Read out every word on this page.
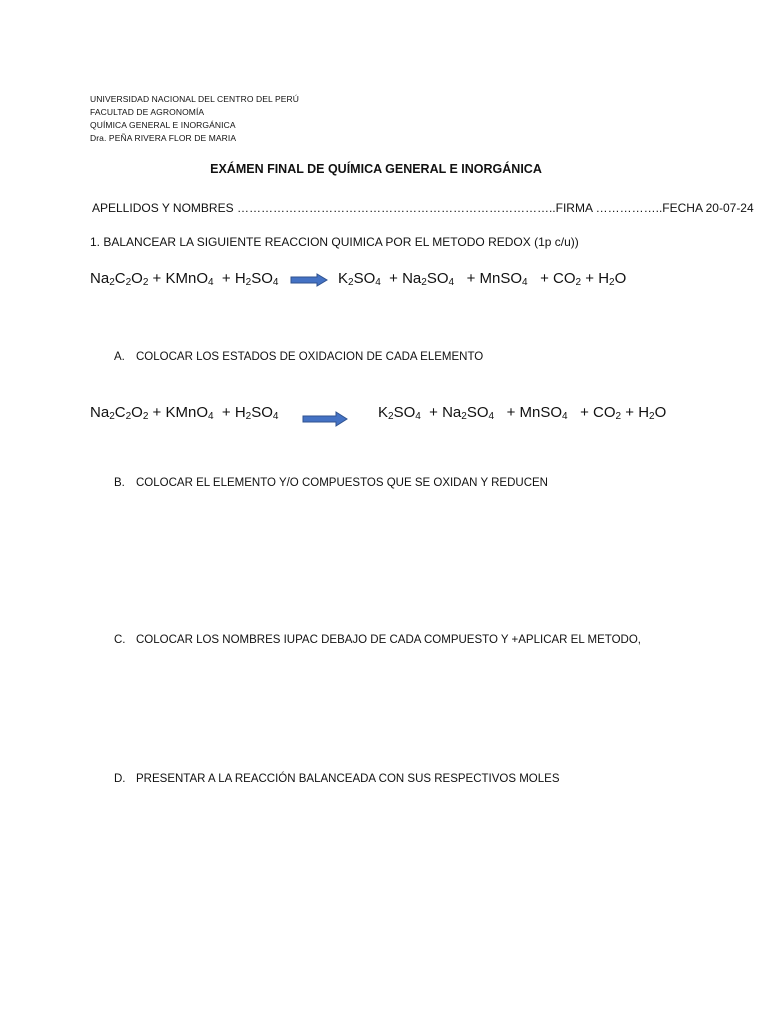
UNIVERSIDAD NACIONAL DEL CENTRO DEL PERÚ
FACULTAD DE AGRONOMÍA
QUÍMICA GENERAL E INORGÁNICA
Dra. PEÑA RIVERA FLOR DE MARIA
EXÁMEN FINAL DE QUÍMICA GENERAL E INORGÁNICA
APELLIDOS Y NOMBRES ……………………………………………………………………..FIRMA ……………..FECHA 20-07-24
1. BALANCEAR LA SIGUIENTE REACCION QUIMICA POR EL METODO REDOX (1p c/u))
$Na_2C_2O_2$ + KMnO$_4$  + $H_2SO_4 \to K_2SO_4 + Na_2SO_4$   + MnSO$_4$   + $CO_2 + H_2O$
A. COLOCAR LOS ESTADOS DE OXIDACION DE CADA ELEMENTO
$Na_2C_2O_2$ + KMnO$_4$  + $H_2SO_4 \to K_2SO_4 + Na_2SO_4$   + MnSO$_4$   + $CO_2 + H_2O$
B. COLOCAR EL ELEMENTO Y/O COMPUESTOS QUE SE OXIDAN Y REDUCEN
C. COLOCAR LOS NOMBRES IUPAC DEBAJO DE CADA COMPUESTO Y +APLICAR EL METODO,
D. PRESENTAR A LA REACCIÓN BALANCEADA CON SUS RESPECTIVOS MOLES
